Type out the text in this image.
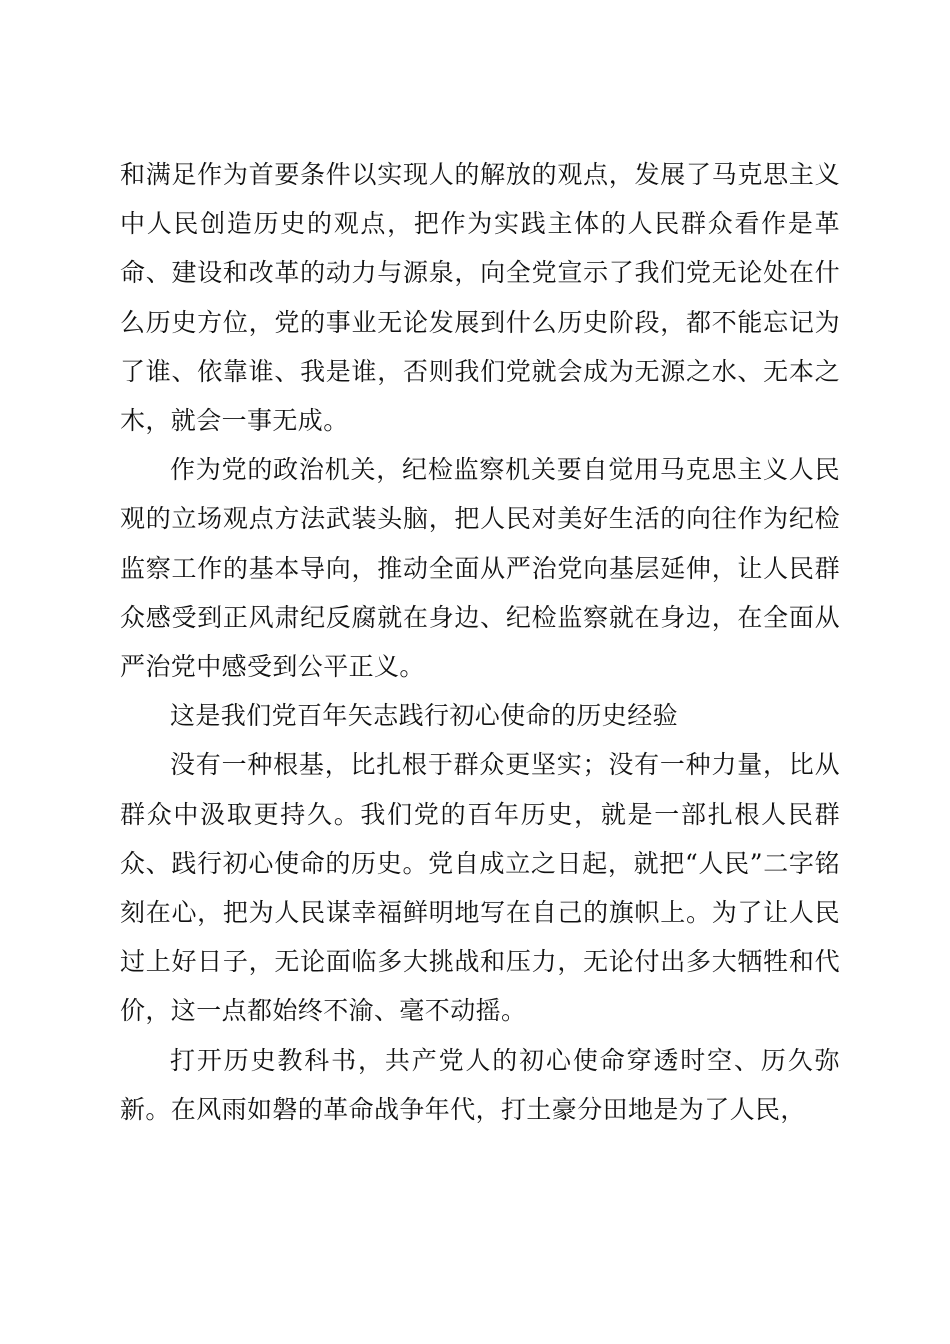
和满足作为首要条件以实现人的解放的观点，发展了马克思主义中人民创造历史的观点，把作为实践主体的人民群众看作是革命、建设和改革的动力与源泉，向全党宣示了我们党无论处在什么历史方位，党的事业无论发展到什么历史阶段，都不能忘记为了谁、依靠谁、我是谁，否则我们党就会成为无源之水、无本之木，就会一事无成。

作为党的政治机关，纪检监察机关要自觉用马克思主义人民观的立场观点方法武装头脑，把人民对美好生活的向往作为纪检监察工作的基本导向，推动全面从严治党向基层延伸，让人民群众感受到正风肃纪反腐就在身边、纪检监察就在身边，在全面从严治党中感受到公平正义。

这是我们党百年矢志践行初心使命的历史经验

没有一种根基，比扎根于群众更坚实；没有一种力量，比从群众中汲取更持久。我们党的百年历史，就是一部扎根人民群众、践行初心使命的历史。党自成立之日起，就把“人民”二字铭刻在心，把为人民谋幸福鲜明地写在自己的旗帜上。为了让人民过上好日子，无论面临多大挑战和压力，无论付出多大牺牲和代价，这一点都始终不渝、毫不动摇。

打开历史教科书，共产党人的初心使命穿透时空、历久弥新。在风雨如磐的革命战争年代，打土豪分田地是为了人民，
